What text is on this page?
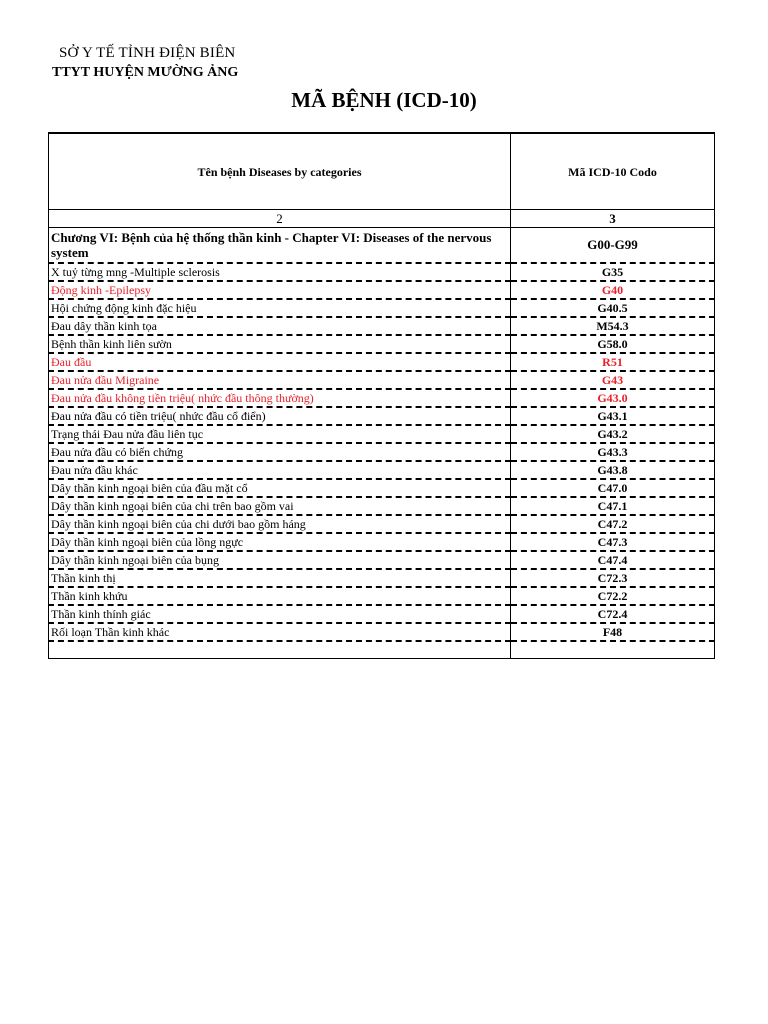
SỞ Y TẾ TỈNH ĐIỆN BIÊN
TTYT HUYỆN MƯỜNG ẢNG
MÃ BỆNH (ICD-10)
Tên bệnh Diseases by categories	Mã ICD-10 Codo
2	3
Chương VI: Bệnh của hệ thống thần kinh - Chapter VI: Diseases of the nervous system	G00-G99
X tuỷ từng mng -Multiple sclerosis	G35
Động kinh -Epilepsy	G40
Hội chứng động kinh đặc hiệu	G40.5
Đau dây thần kinh tọa	M54.3
Bệnh thần kinh liên sườn	G58.0
Đau đầu	R51
Đau nửa đầu Migraine	G43
Đau nửa đầu không tiền triệu( nhức đầu thông thường)	G43.0
Đau nửa đầu có tiền triệu( nhức đầu cổ điển)	G43.1
Trạng thái Đau nửa đầu liên tục	G43.2
Đau nửa đầu có biến chứng	G43.3
Đau nửa đầu khác	G43.8
Dây thần kinh ngoại biên của đầu mặt cổ	C47.0
Dây thần kinh ngoại biên của chi trên bao gồm vai	C47.1
Dây thần kinh ngoại biên của chi dưới bao gồm háng	C47.2
Dây thần kinh ngoại biên của lồng ngực	C47.3
Dây thần kinh ngoại biên của bụng	C47.4
Thần kinh thị	C72.3
Thần kinh khứu	C72.2
Thần kinh thính giác	C72.4
Rối loạn Thần kinh khác	F48
